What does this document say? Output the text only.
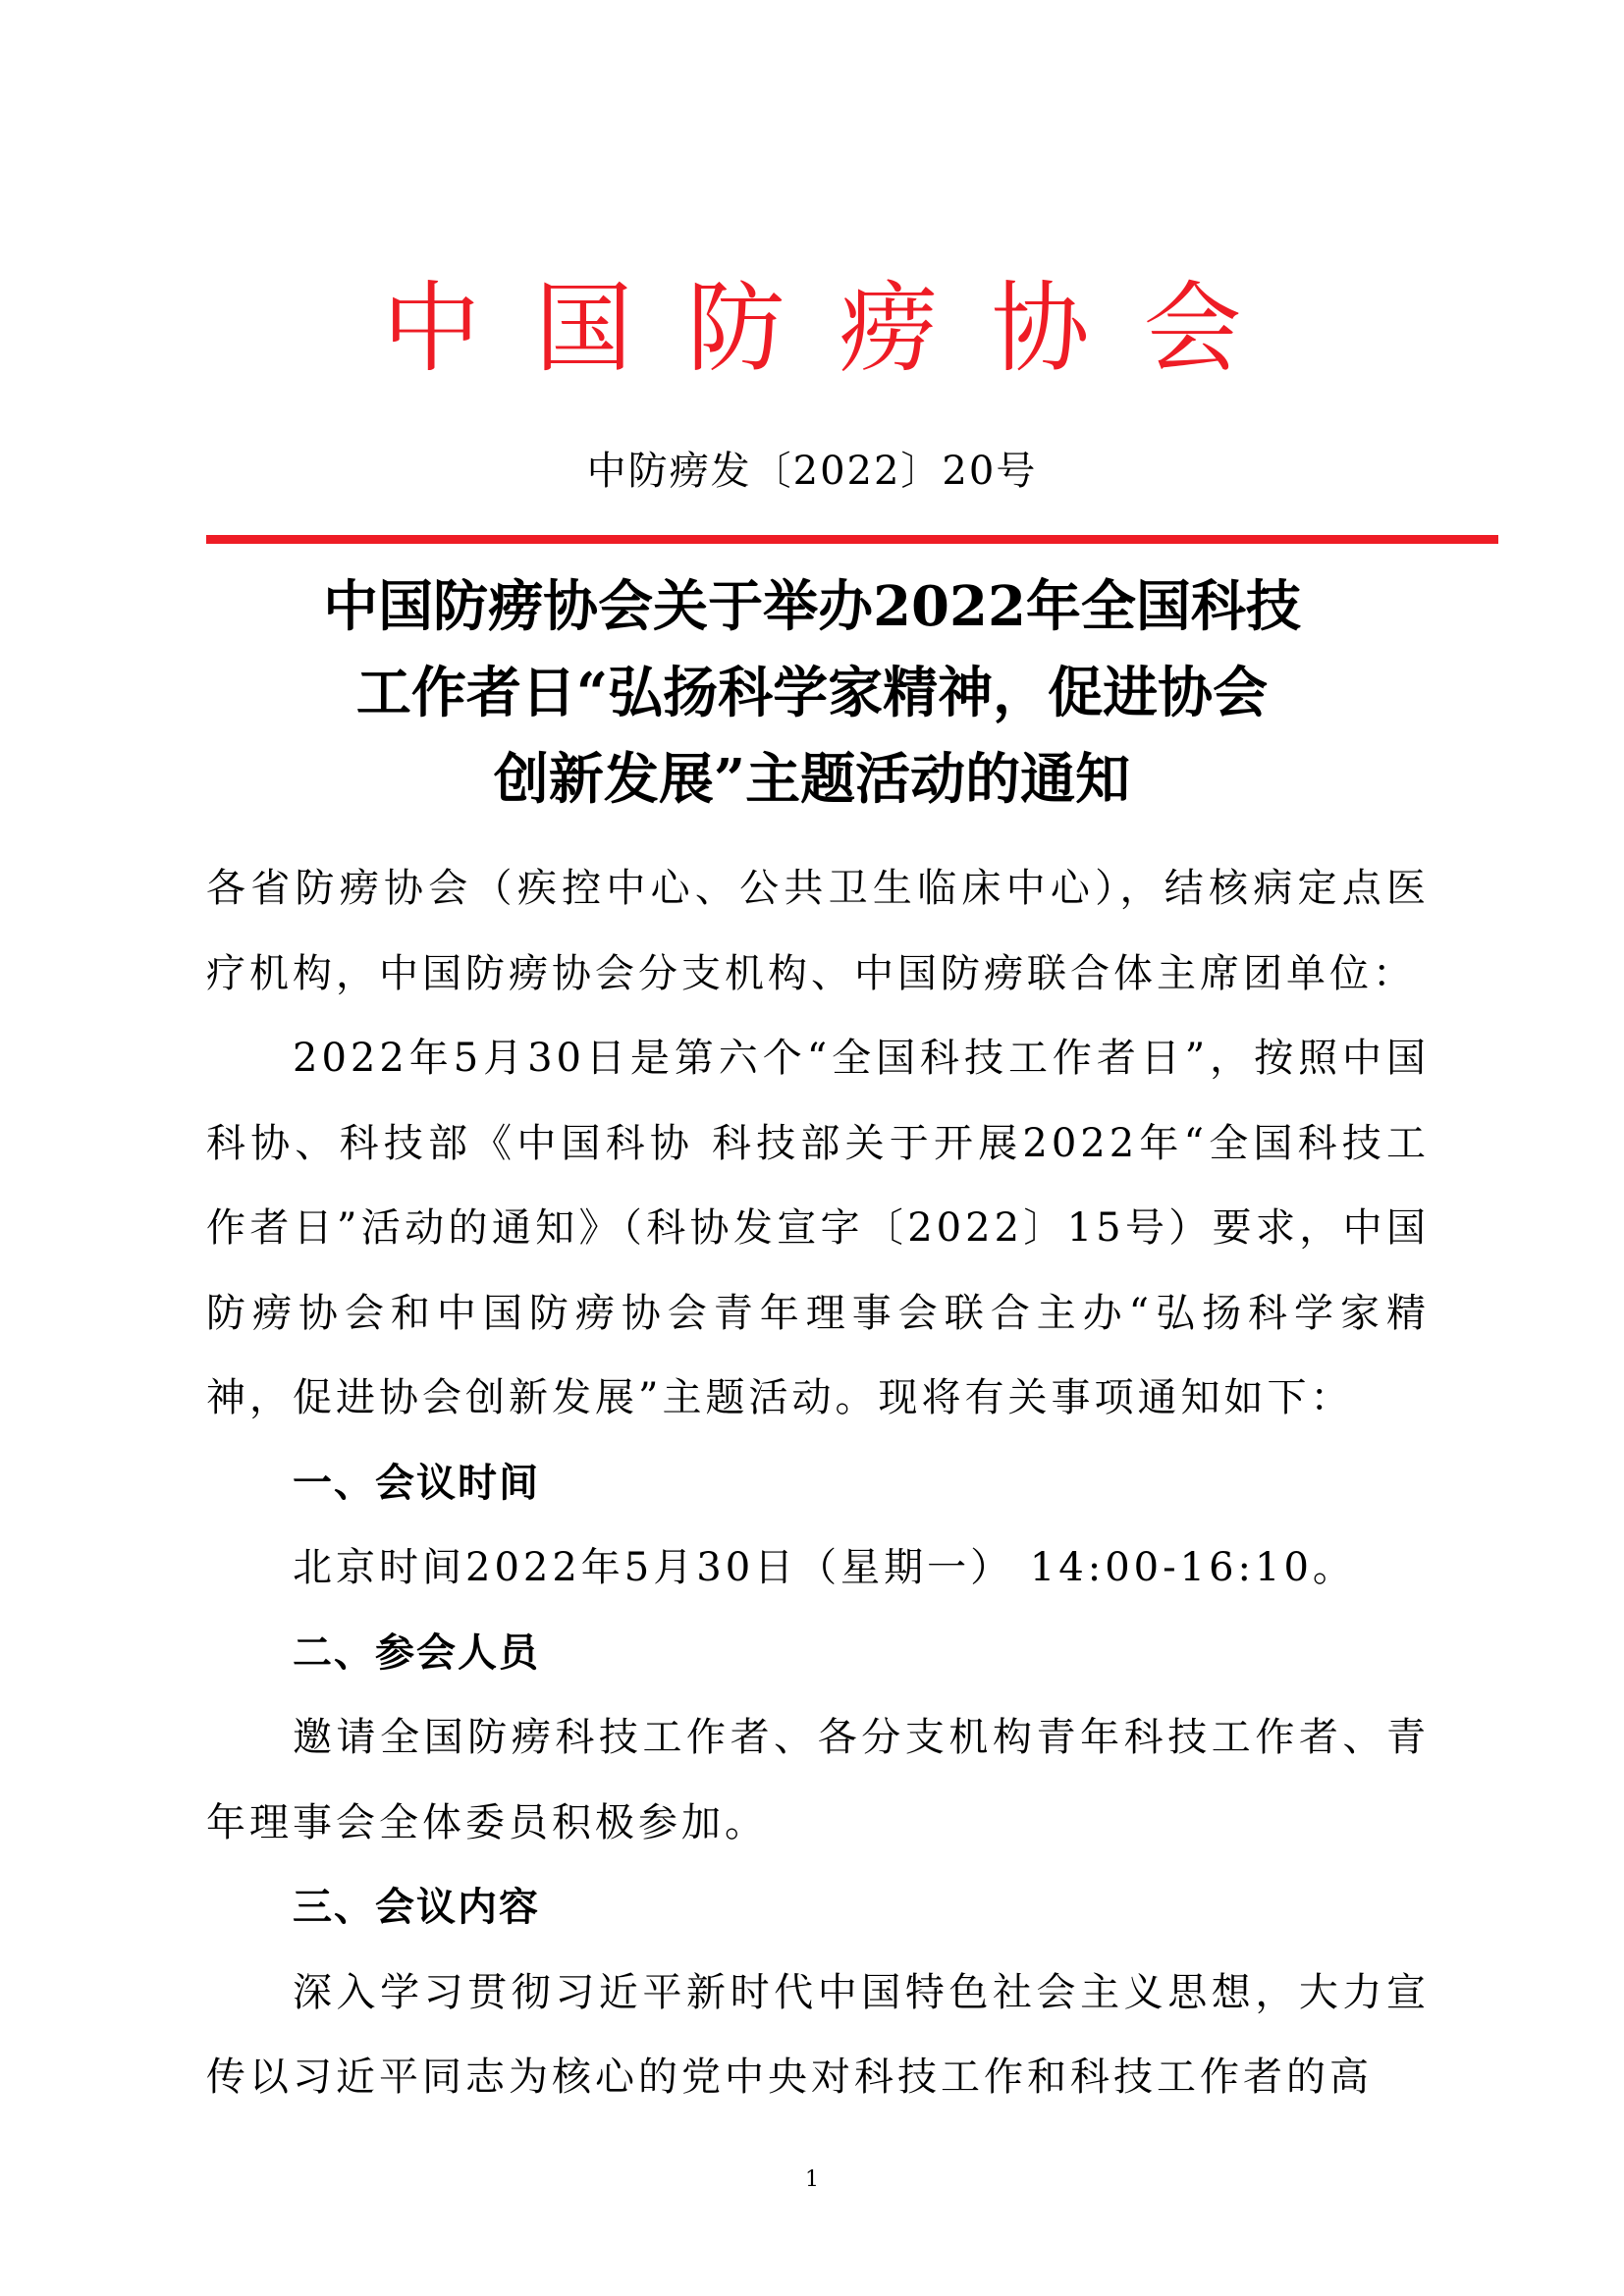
中国防痨协会
中防痨发〔2022〕20号
中国防痨协会关于举办2022年全国科技
工作者日“弘扬科学家精神，促进协会
创新发展”主题活动的通知

各省防痨协会（疾控中心、公共卫生临床中心），结核病定点医疗机构，中国防痨协会分支机构、中国防痨联合体主席团单位：

2022年5月30日是第六个“全国科技工作者日”，按照中国科协、科技部《中国科协 科技部关于开展2022年“全国科技工作者日”活动的通知》（科协发宣字〔2022〕15号）要求，中国防痨协会和中国防痨协会青年理事会联合主办“弘扬科学家精神，促进协会创新发展”主题活动。现将有关事项通知如下：

一、会议时间

北京时间2022年5月30日（星期一） 14:00-16:10。

二、参会人员

邀请全国防痨科技工作者、各分支机构青年科技工作者、青年理事会全体委员积极参加。

三、会议内容

深入学习贯彻习近平新时代中国特色社会主义思想，大力宣传以习近平同志为核心的党中央对科技工作和科技工作者的高

1
